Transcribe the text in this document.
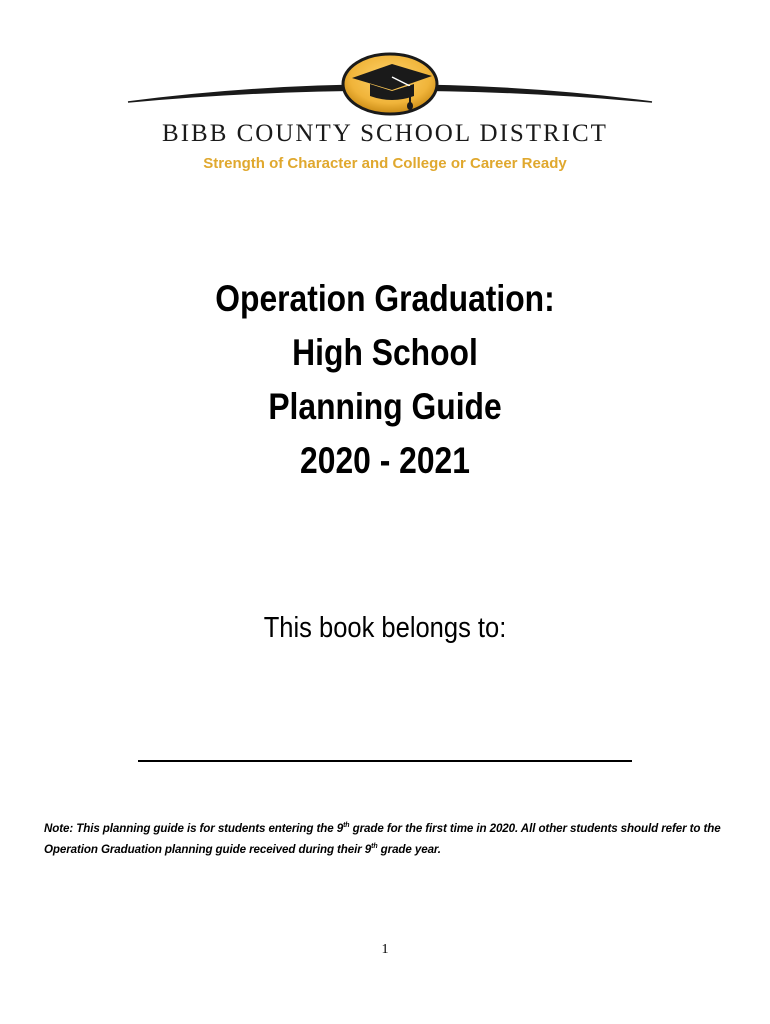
BIBB COUNTY SCHOOL DISTRICT
Strength of Character and College or Career Ready
Operation Graduation:
High School
Planning Guide
2020 - 2021
This book belongs to:
Note: This planning guide is for students entering the 9th grade for the first time in 2020. All other students should refer to the Operation Graduation planning guide received during their 9th grade year.
1
